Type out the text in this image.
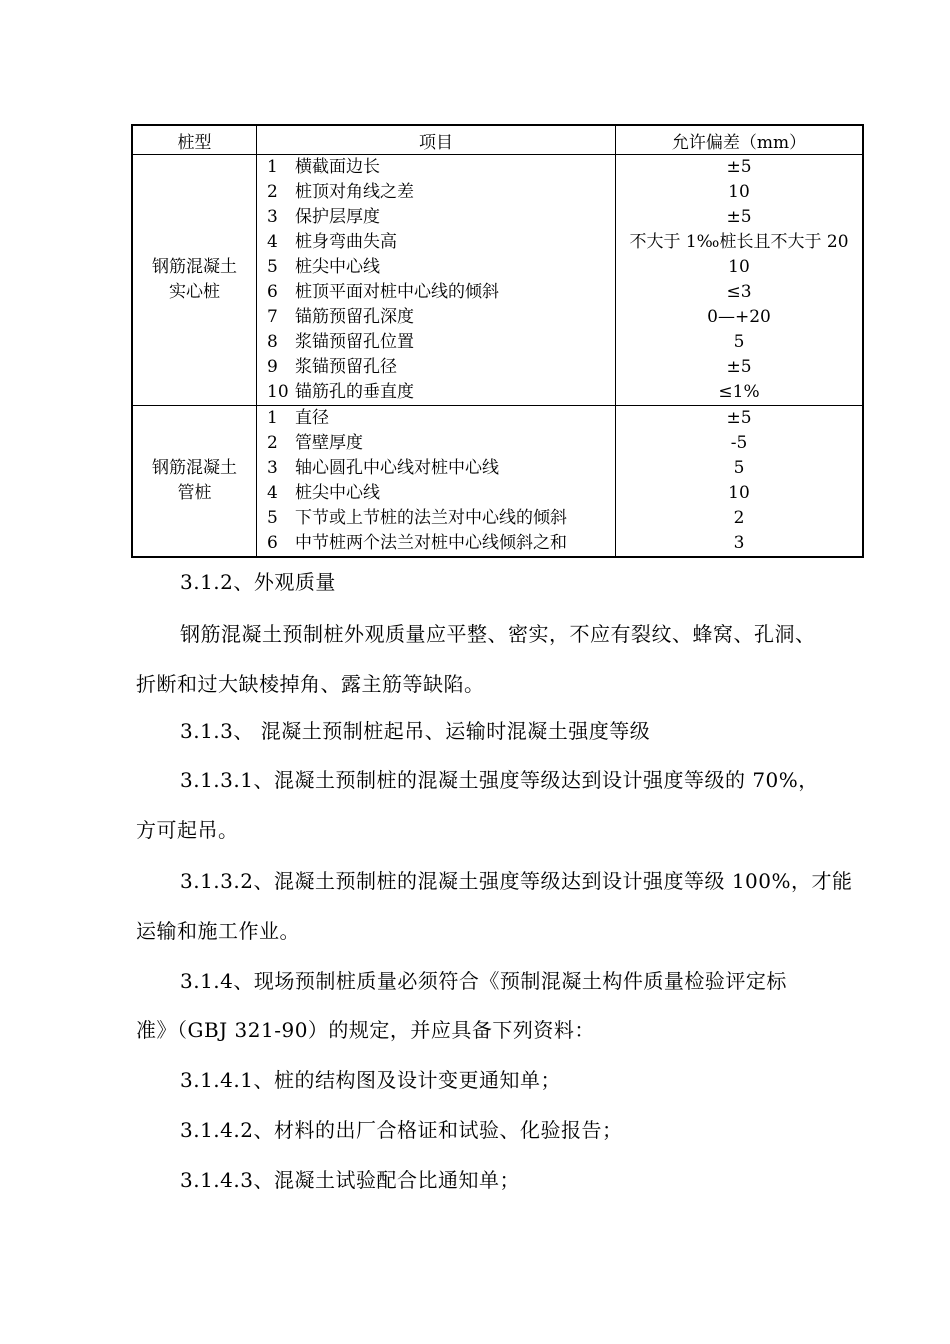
桩型	项目	允许偏差（mm）
钢筋混凝土
实心桩
1 横截面边长
2 桩顶对角线之差
3 保护层厚度
4 桩身弯曲失高
5 桩尖中心线
6 桩顶平面对桩中心线的倾斜
7 锚筋预留孔深度
8 浆锚预留孔位置
9 浆锚预留孔径
10 锚筋孔的垂直度
±5
10
±5
不大于 1‰桩长且不大于 20
10
≤3
0—+20
5
±5
≤1%
钢筋混凝土
管桩
1 直径
2 管壁厚度
3 轴心圆孔中心线对桩中心线
4 桩尖中心线
5 下节或上节桩的法兰对中心线的倾斜
6 中节桩两个法兰对桩中心线倾斜之和
±5
-5
5
10
2
3
3.1.2、外观质量
钢筋混凝土预制桩外观质量应平整、密实，不应有裂纹、蜂窝、孔洞、
折断和过大缺棱掉角、露主筋等缺陷。
3.1.3、 混凝土预制桩起吊、运输时混凝土强度等级
3.1.3.1、混凝土预制桩的混凝土强度等级达到设计强度等级的 70%，
方可起吊。
3.1.3.2、混凝土预制桩的混凝土强度等级达到设计强度等级 100%，才能
运输和施工作业。
3.1.4、现场预制桩质量必须符合《预制混凝土构件质量检验评定标
准》（GBJ 321-90）的规定，并应具备下列资料：
3.1.4.1、桩的结构图及设计变更通知单；
3.1.4.2、材料的出厂合格证和试验、化验报告；
3.1.4.3、混凝土试验配合比通知单；
